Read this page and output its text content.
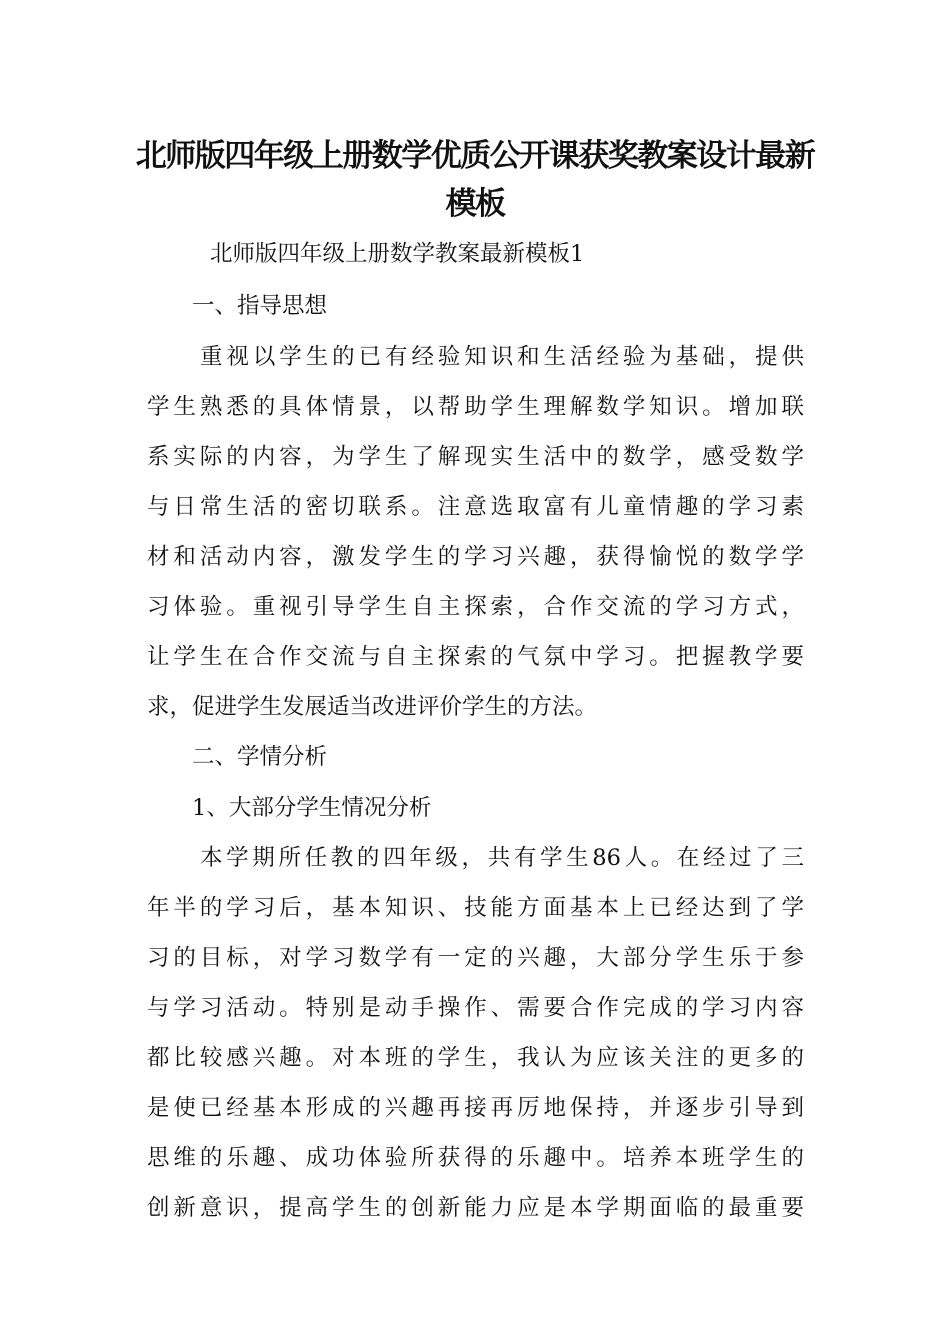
北师版四年级上册数学优质公开课获奖教案设计最新
模板

北师版四年级上册数学教案最新模板1

一、指导思想

重视以学生的已有经验知识和生活经验为基础，提供

学生熟悉的具体情景，以帮助学生理解数学知识。增加联

系实际的内容，为学生了解现实生活中的数学，感受数学

与日常生活的密切联系。注意选取富有儿童情趣的学习素

材和活动内容，激发学生的学习兴趣，获得愉悦的数学学

习体验。重视引导学生自主探索，合作交流的学习方式，

让学生在合作交流与自主探索的气氛中学习。把握教学要

求，促进学生发展适当改进评价学生的方法。

二、学情分析

1、大部分学生情况分析

本学期所任教的四年级，共有学生86人。在经过了三

年半的学习后，基本知识、技能方面基本上已经达到了学

习的目标，对学习数学有一定的兴趣，大部分学生乐于参

与学习活动。特别是动手操作、需要合作完成的学习内容

都比较感兴趣。对本班的学生，我认为应该关注的更多的

是使已经基本形成的兴趣再接再厉地保持，并逐步引导到

思维的乐趣、成功体验所获得的乐趣中。培养本班学生的

创新意识，提高学生的创新能力应是本学期面临的最重要
